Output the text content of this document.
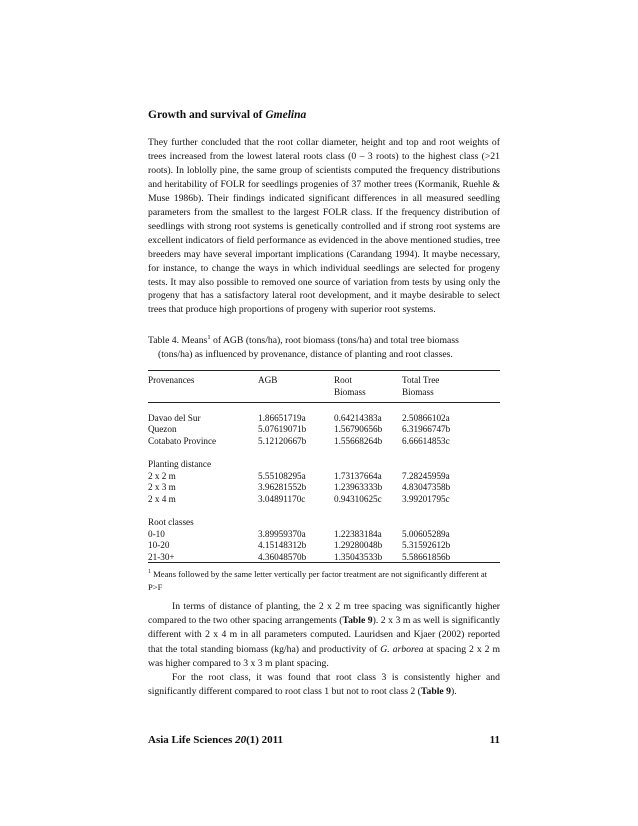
Growth and survival of Gmelina
They further concluded that the root collar diameter, height and top and root weights of trees increased from the lowest lateral roots class (0 – 3 roots) to the highest class (>21 roots). In loblolly pine, the same group of scientists computed the frequency distributions and heritability of FOLR for seedlings progenies of 37 mother trees (Kormanik, Ruehle & Muse 1986b). Their findings indicated significant differences in all measured seedling parameters from the smallest to the largest FOLR class. If the frequency distribution of seedlings with strong root systems is genetically controlled and if strong root systems are excellent indicators of field performance as evidenced in the above mentioned studies, tree breeders may have several important implications (Carandang 1994). It maybe necessary, for instance, to change the ways in which individual seedlings are selected for progeny tests. It may also possible to removed one source of variation from tests by using only the progeny that has a satisfactory lateral root development, and it maybe desirable to select trees that produce high proportions of progeny with superior root systems.
Table 4. Means$^1$ of AGB (tons/ha), root biomass (tons/ha) and total tree biomass
(tons/ha) as influenced by provenance, distance of planting and root classes.
Provenances	AGB	Root	Total Tree
Biomass	Biomass
Davao del Sur	1.86651719a	0.64214383a 2.50866102a
Quezon	5.07619071b	1.56790656b 6.31966747b
Cotabato Province	5.12120667b	1.55668264b 6.66614853c
Planting distance
2 x 2 m	5.55108295a	1.73137664a 7.28245959a
2 x 3 m	3.96281552b	1.23963333b 4.83047358b
2 x 4 m	3.04891170c	0.94310625c 3.99201795c
Root classes
0-10	3.89959370a	1.22383184a 5.00605289a
10-20	4.15148312b	1.29280048b 5.31592612b
21-30+	4.36048570b	1.35043533b 5.58661856b
$^1$ Means followed by the same letter vertically per factor treatment are not significantly different at P>F

In terms of distance of planting, the 2 x 2 m tree spacing was significantly higher compared to the two other spacing arrangements (Table 9). 2 x 3 m as well is significantly different with 2 x 4 m in all parameters computed. Lauridsen and Kjaer (2002) reported that the total standing biomass (kg/ha) and productivity of G. arborea at spacing 2 x 2 m was higher compared to 3 x 3 m plant spacing.

For the root class, it was found that root class 3 is consistently higher and significantly different compared to root class 1 but not to root class 2 (Table 9).

Asia Life Sciences 20(1) 2011	11
